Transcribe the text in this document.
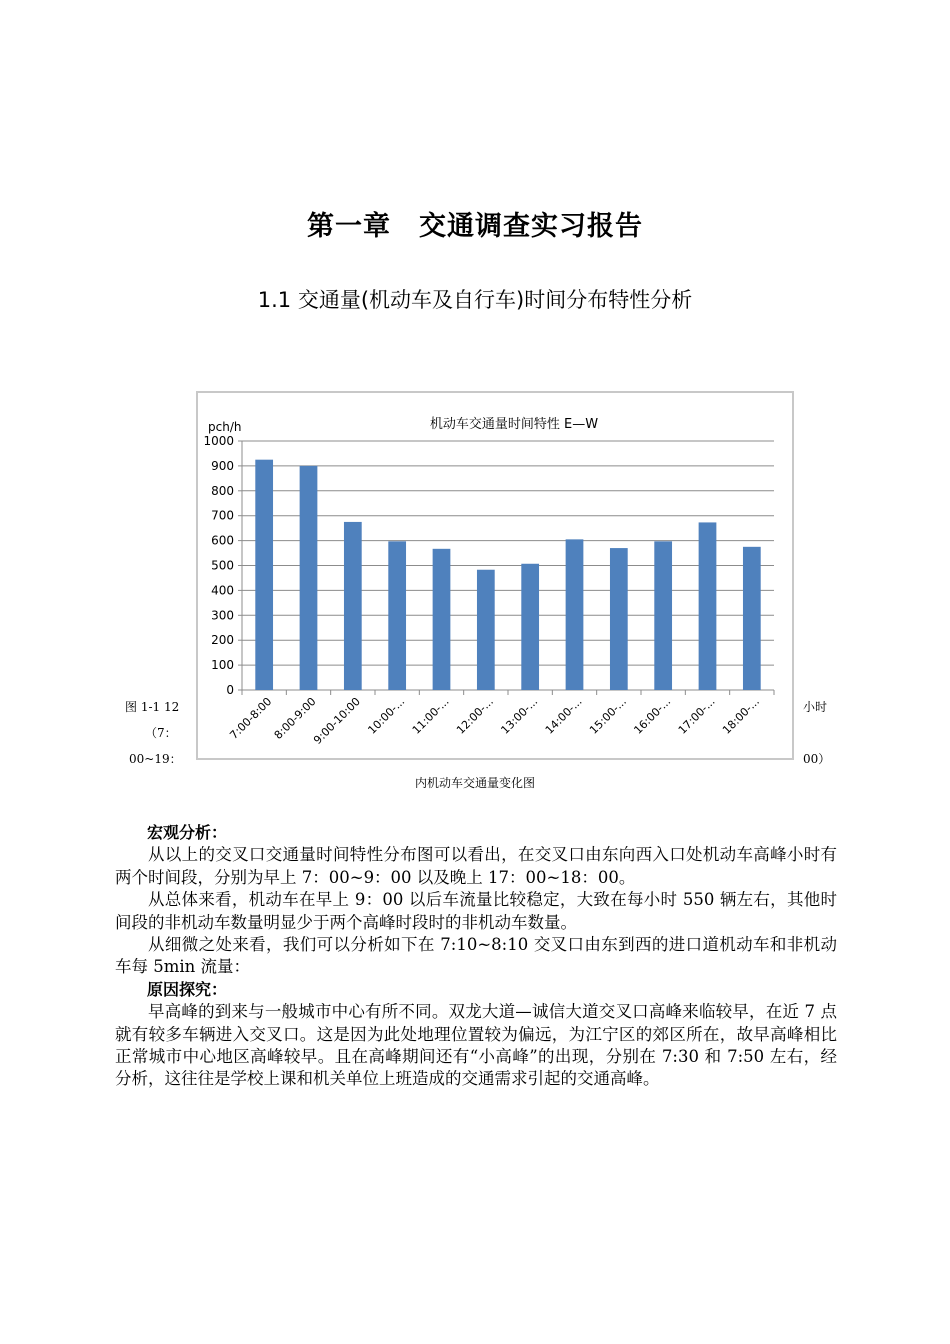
第一章　交通调查实习报告
1.1 交通量(机动车及自行车)时间分布特性分析
图 1-1 12
（7：
00~19：
机动车交通量时间特性 E—W
pch/h
0
100
200
300
400
500
600
700
800
900
1000
7:00-8:00
8:00-9:00
9:00-10:00 10:00-... 11:00-... 12:00-... 13:00-... 14:00-... 15:00-... 16:00-... 17:00-... 18:00-...	小时
00）
内机动车交通量变化图

宏观分析：

从以上的交叉口交通量时间特性分布图可以看出，在交叉口由东向西入口处机动车高峰小时有两个时间段，分别为早上 7：00~9：00 以及晚上 17：00~18：00。

从总体来看，机动车在早上 9：00 以后车流量比较稳定，大致在每小时 550 辆左右，其他时间段的非机动车数量明显少于两个高峰时段时的非机动车数量。

从细微之处来看，我们可以分析如下在 7:10~8:10 交叉口由东到西的进口道机动车和非机动车每 5min 流量：

原因探究：

早高峰的到来与一般城市中心有所不同。双龙大道—诚信大道交叉口高峰来临较早，在近 7 点就有较多车辆进入交叉口。这是因为此处地理位置较为偏远，为江宁区的郊区所在，故早高峰相比正常城市中心地区高峰较早。且在高峰期间还有“小高峰”的出现，分别在 7:30 和 7:50 左右，经分析，这往往是学校上课和机关单位上班造成的交通需求引起的交通高峰。
